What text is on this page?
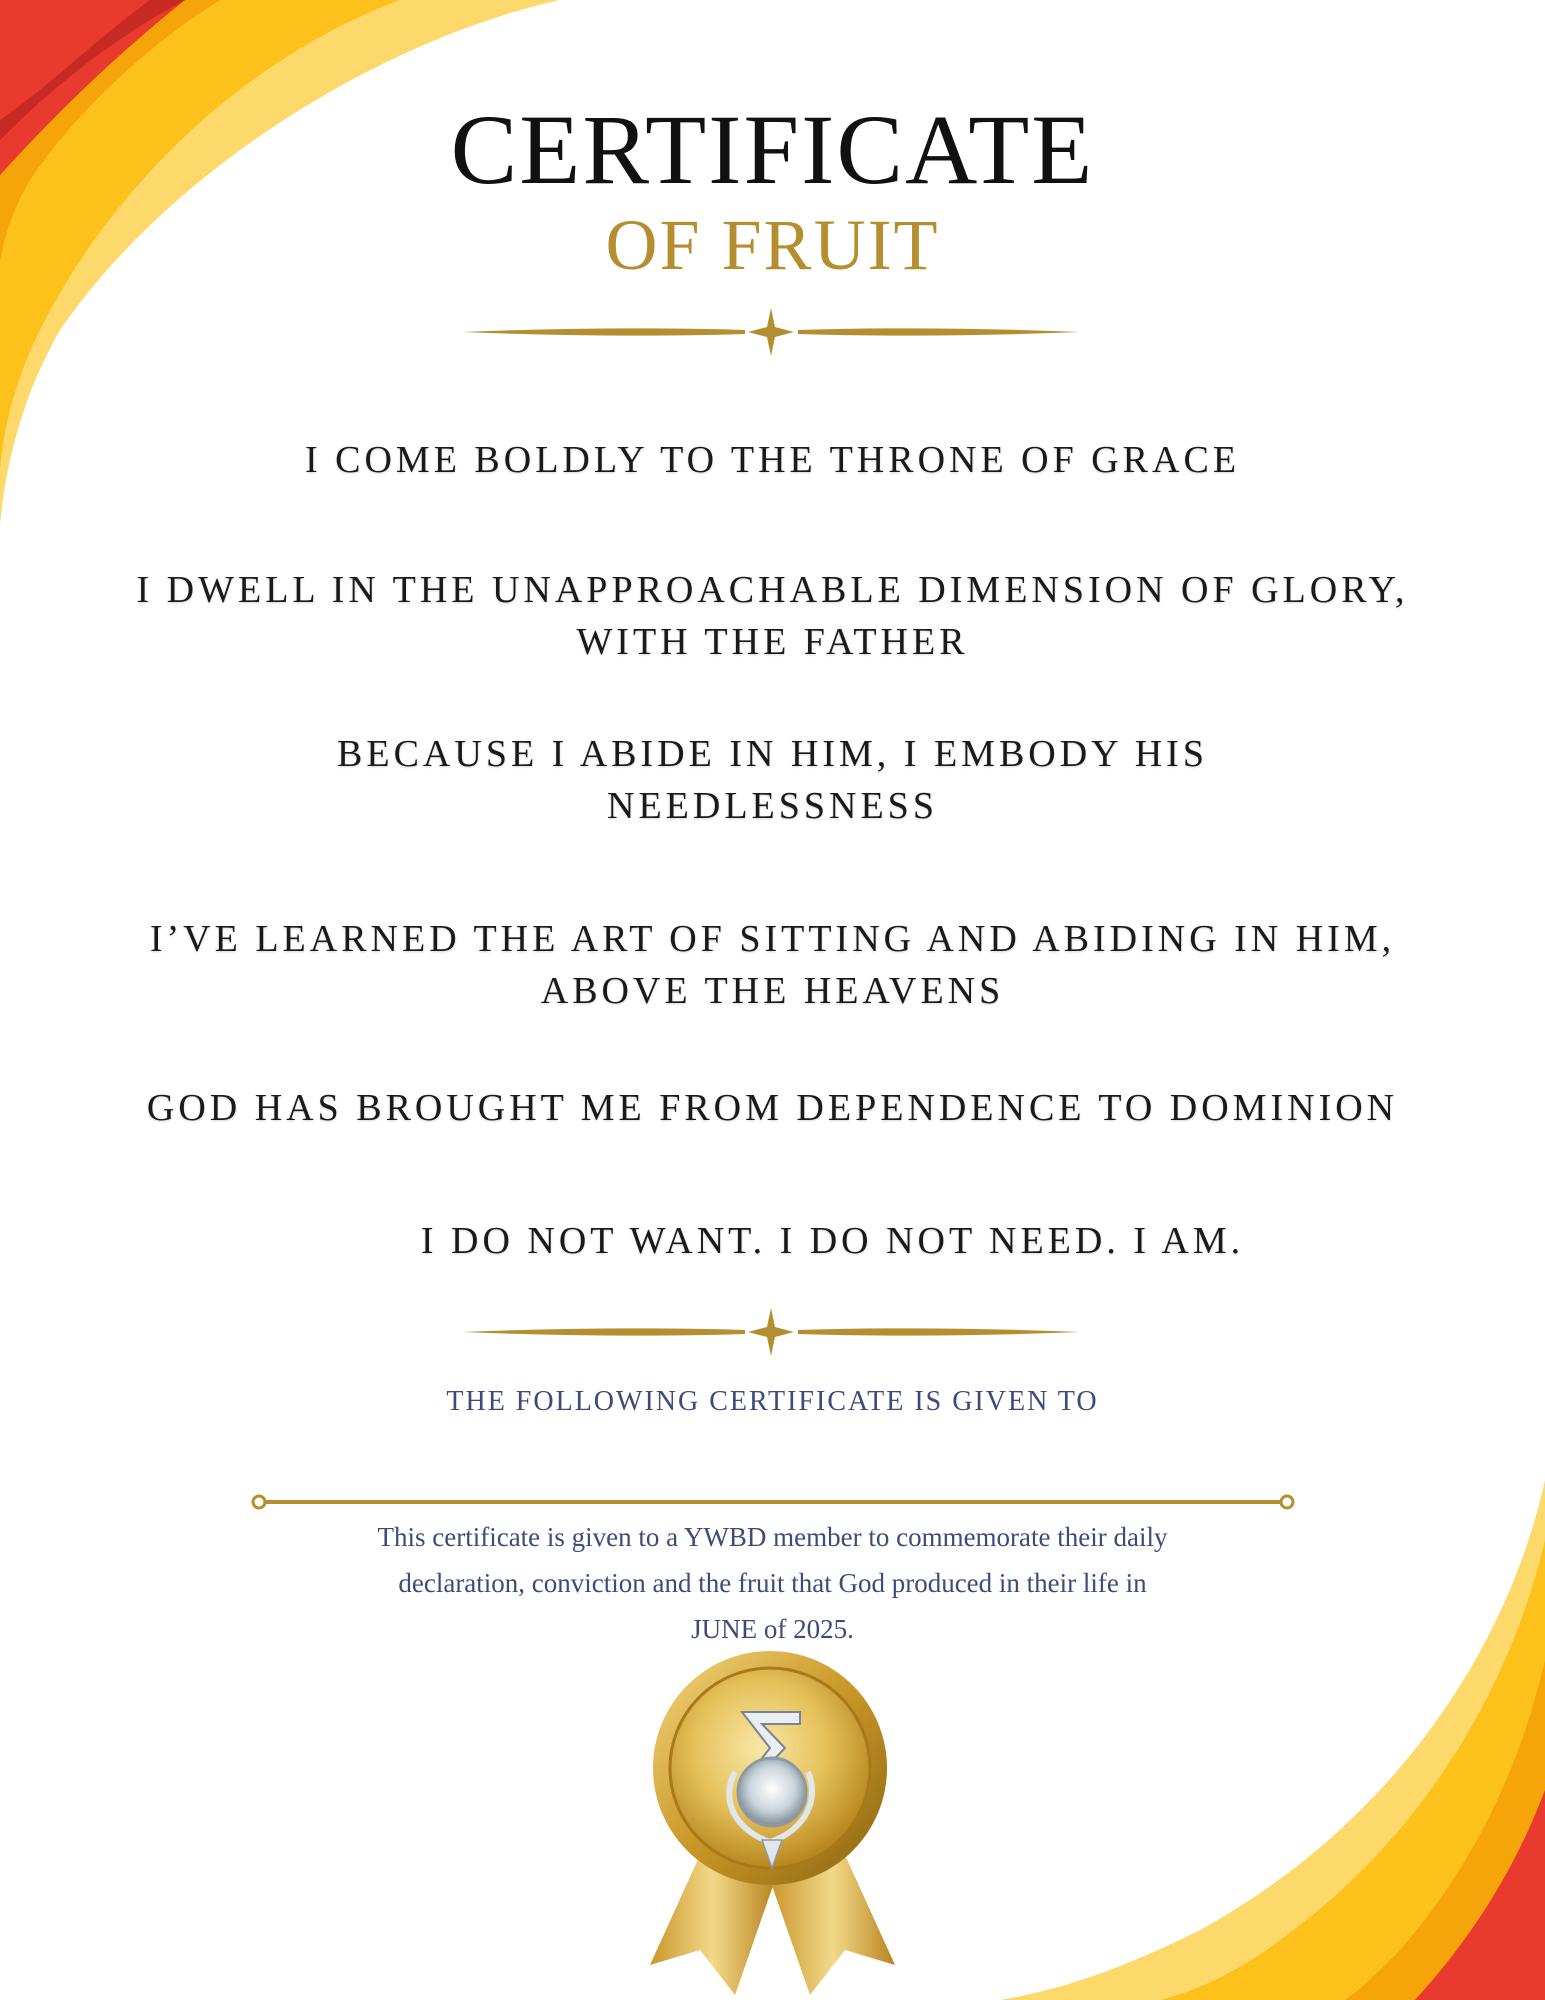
CERTIFICATE
OF FRUIT
I COME BOLDLY TO THE THRONE OF GRACE
I DWELL IN THE UNAPPROACHABLE DIMENSION OF GLORY,
WITH THE FATHER
BECAUSE I ABIDE IN HIM, I EMBODY HIS
NEEDLESSNESS
I’VE LEARNED THE ART OF SITTING AND ABIDING IN HIM,
ABOVE THE HEAVENS
GOD HAS BROUGHT ME FROM DEPENDENCE TO DOMINION
I DO NOT WANT. I DO NOT NEED. I AM.
THE FOLLOWING CERTIFICATE IS GIVEN TO
This certificate is given to a YWBD member to commemorate their daily
declaration, conviction and the fruit that God produced in their life in
JUNE of 2025.
